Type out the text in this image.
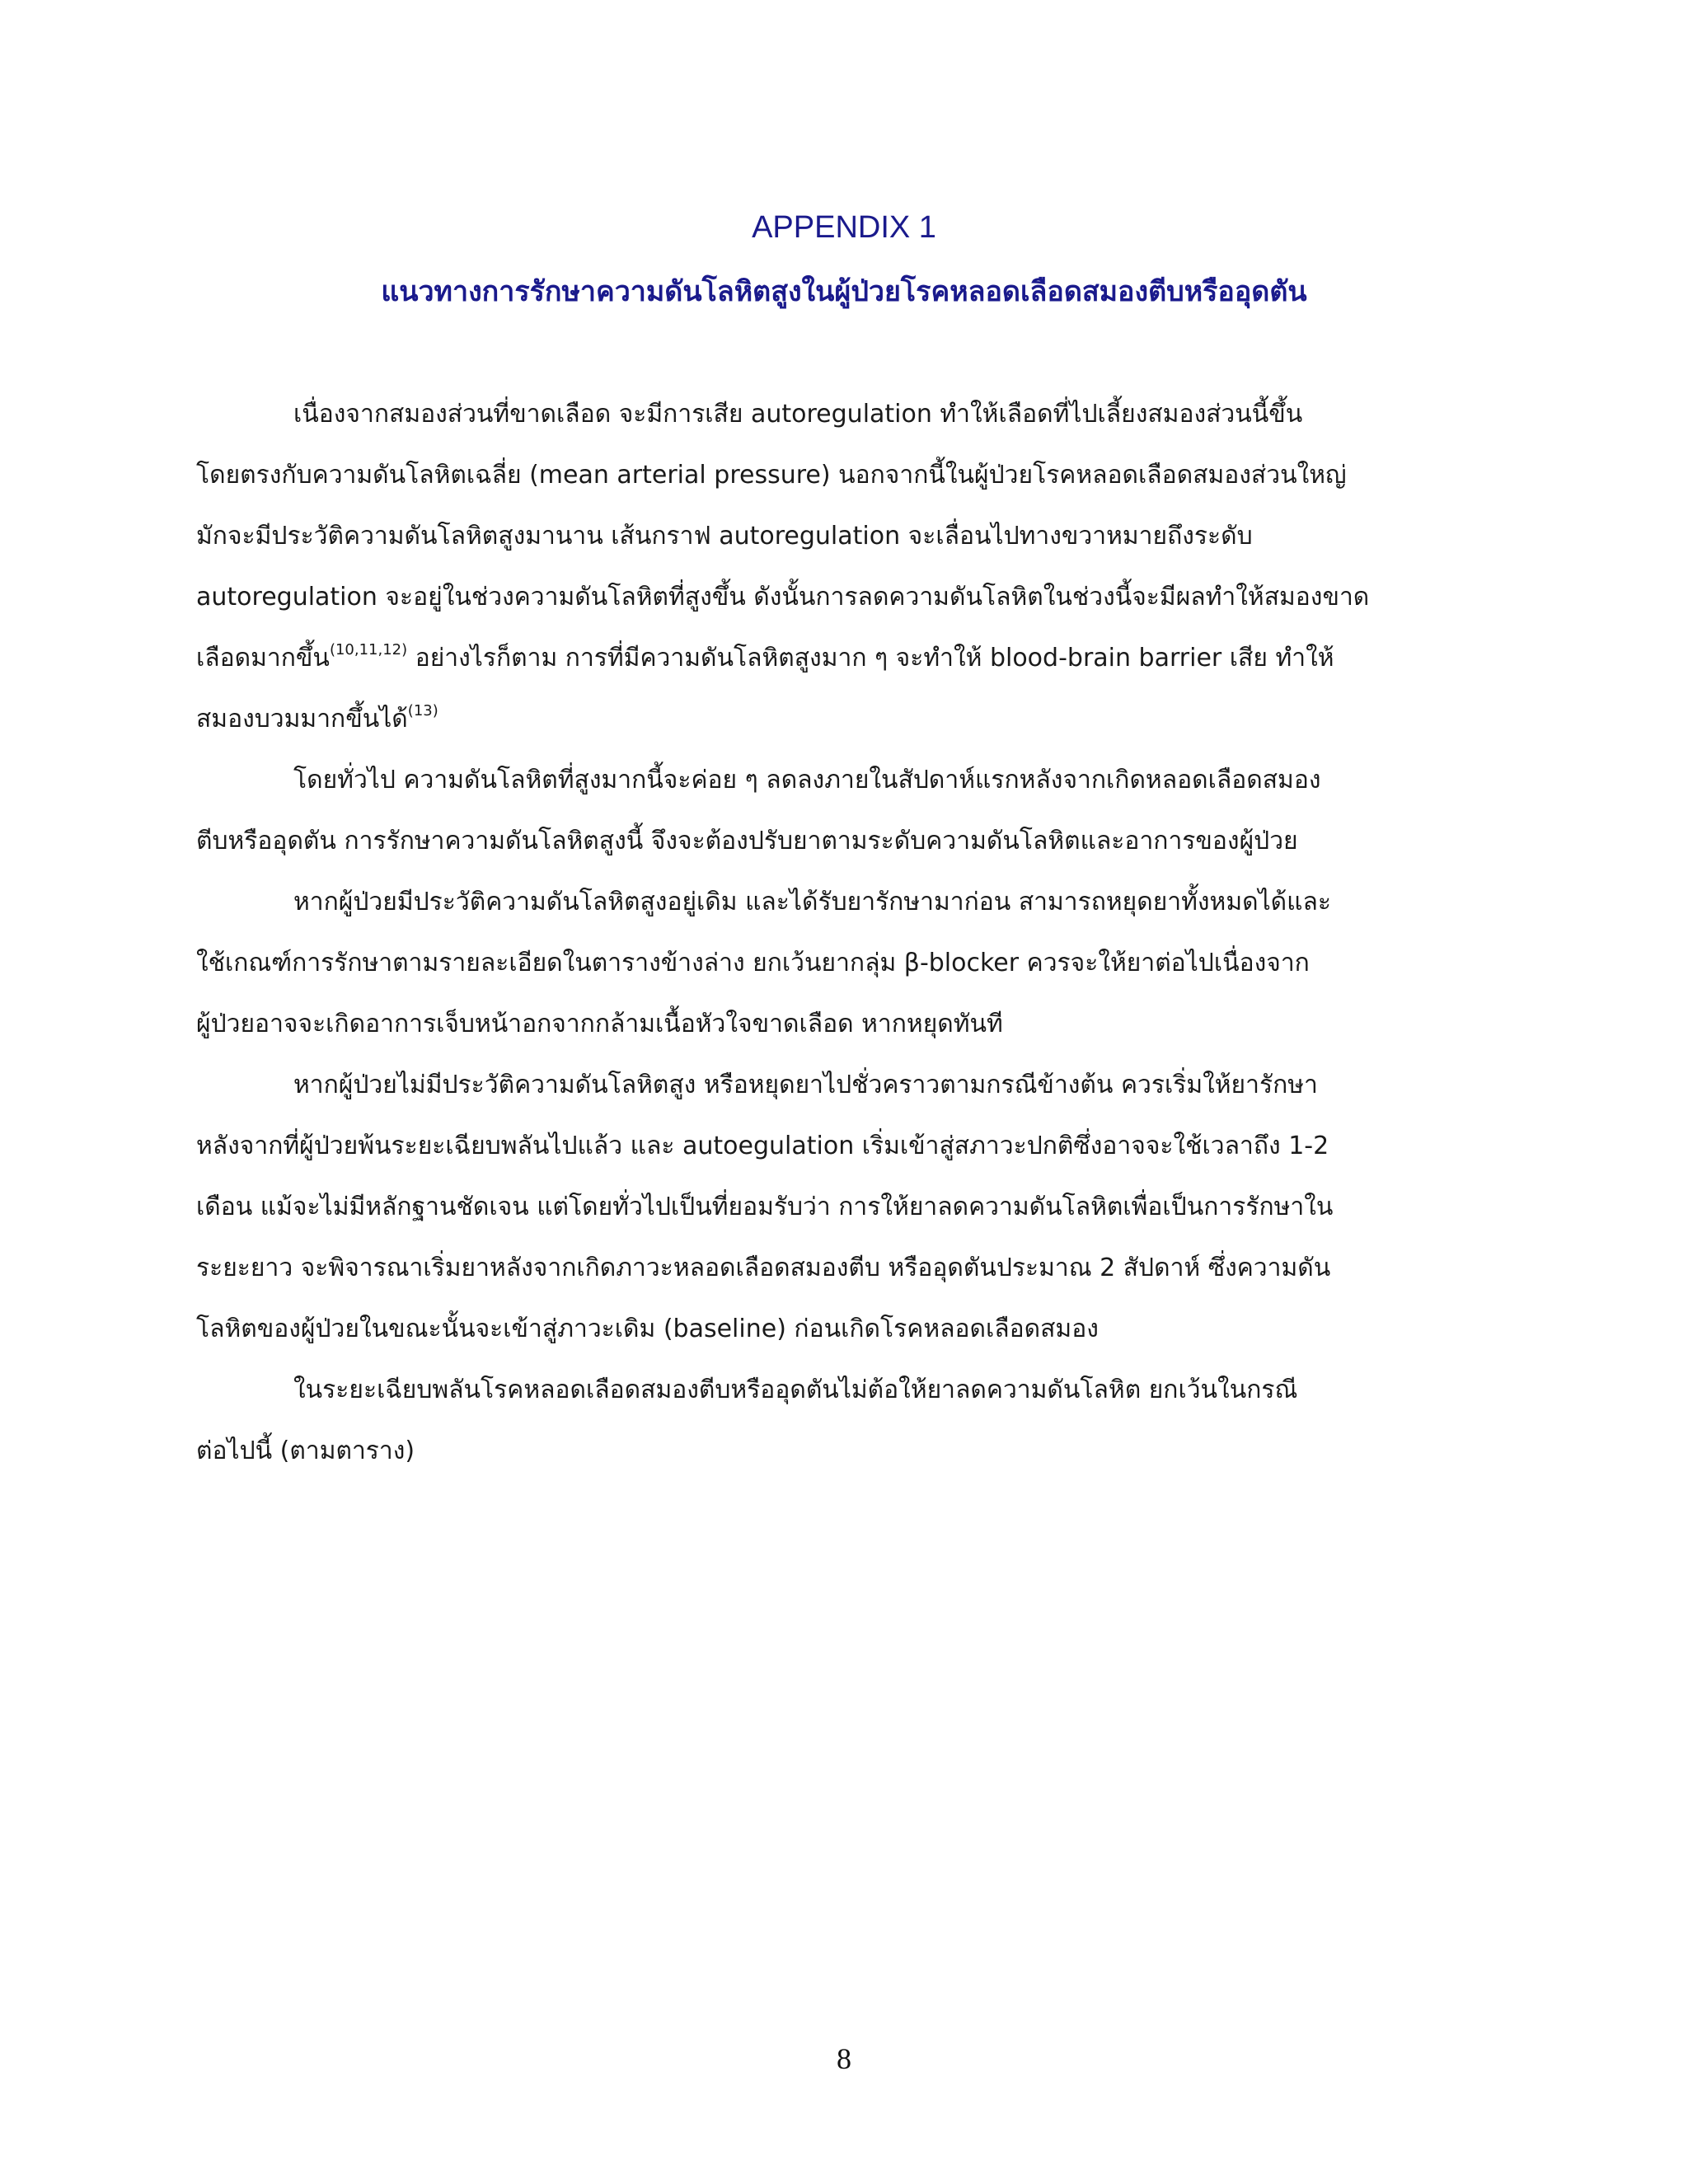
APPENDIX 1
แนวทางการรักษาความดันโลหิตสูงในผู้ป่วยโรคหลอดเลือดสมองตีบหรืออุดตัน
เนื่องจากสมองส่วนที่ขาดเลือด จะมีการเสีย autoregulation ทำให้เลือดที่ไปเลี้ยงสมองส่วนนี้ขึ้น
โดยตรงกับความดันโลหิตเฉลี่ย (mean arterial pressure) นอกจากนี้ในผู้ป่วยโรคหลอดเลือดสมองส่วนใหญ่
มักจะมีประวัติความดันโลหิตสูงมานาน เส้นกราฟ autoregulation จะเลื่อนไปทางขวาหมายถึงระดับ
autoregulation จะอยู่ในช่วงความดันโลหิตที่สูงขึ้น ดังนั้นการลดความดันโลหิตในช่วงนี้จะมีผลทำให้สมองขาด
เลือดมากขึ้น$^{(10,11,12)}$ อย่างไรก็ตาม การที่มีความดันโลหิตสูงมาก ๆ จะทำให้ blood-brain barrier เสีย ทำให้
สมองบวมมากขึ้นได้$^{(13)}$
โดยทั่วไป ความดันโลหิตที่สูงมากนี้จะค่อย ๆ ลดลงภายในสัปดาห์แรกหลังจากเกิดหลอดเลือดสมอง
ตีบหรืออุดตัน การรักษาความดันโลหิตสูงนี้ จึงจะต้องปรับยาตามระดับความดันโลหิตและอาการของผู้ป่วย
หากผู้ป่วยมีประวัติความดันโลหิตสูงอยู่เดิม และได้รับยารักษามาก่อน สามารถหยุดยาทั้งหมดได้และ
ใช้เกณฑ์การรักษาตามรายละเอียดในตารางข้างล่าง ยกเว้นยากลุ่ม β-blocker ควรจะให้ยาต่อไปเนื่องจาก
ผู้ป่วยอาจจะเกิดอาการเจ็บหน้าอกจากกล้ามเนื้อหัวใจขาดเลือด หากหยุดทันที
หากผู้ป่วยไม่มีประวัติความดันโลหิตสูง หรือหยุดยาไปชั่วคราวตามกรณีข้างต้น ควรเริ่มให้ยารักษา
หลังจากที่ผู้ป่วยพ้นระยะเฉียบพลันไปแล้ว และ autoegulation เริ่มเข้าสู่สภาวะปกติซึ่งอาจจะใช้เวลาถึง 1-2
เดือน แม้จะไม่มีหลักฐานชัดเจน แต่โดยทั่วไปเป็นที่ยอมรับว่า การให้ยาลดความดันโลหิตเพื่อเป็นการรักษาใน
ระยะยาว จะพิจารณาเริ่มยาหลังจากเกิดภาวะหลอดเลือดสมองตีบ หรืออุดตันประมาณ 2 สัปดาห์ ซึ่งความดัน
โลหิตของผู้ป่วยในขณะนั้นจะเข้าสู่ภาวะเดิม (baseline) ก่อนเกิดโรคหลอดเลือดสมอง
ในระยะเฉียบพลันโรคหลอดเลือดสมองตีบหรืออุดตันไม่ต้อให้ยาลดความดันโลหิต ยกเว้นในกรณี
ต่อไปนี้ (ตามตาราง)
8
